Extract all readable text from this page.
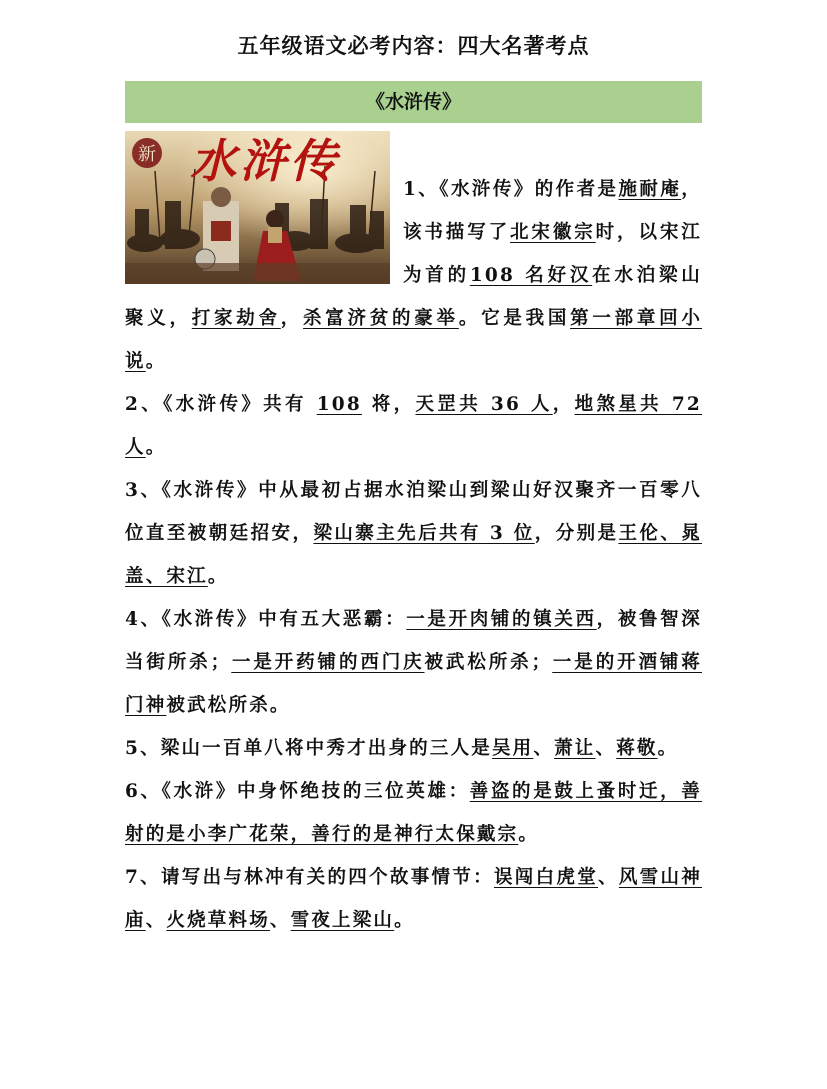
五年级语文必考内容：四大名著考点
《水浒传》
新 水浒传

1、《水浒传》的作者是施耐庵，该书描写了北宋徽宗时，以宋江为首的108 名好汉在水泊梁山聚义，打家劫舍，杀富济贫的豪举。它是我国第一部章回小说。

2、《水浒传》共有 108 将，天罡共 36 人，地煞星共 72 人。

3、《水浒传》中从最初占据水泊梁山到梁山好汉聚齐一百零八位直至被朝廷招安，梁山寨主先后共有 3 位，分别是王伦、晁盖、宋江。

4、《水浒传》中有五大恶霸：一是开肉铺的镇关西，被鲁智深当街所杀；一是开药铺的西门庆被武松所杀；一是的开酒铺蒋门神被武松所杀。

5、梁山一百单八将中秀才出身的三人是吴用、萧让、蒋敬。

6、《水浒》中身怀绝技的三位英雄：善盗的是鼓上蚤时迁，善射的是小李广花荣，善行的是神行太保戴宗。

7、请写出与林冲有关的四个故事情节：误闯白虎堂、风雪山神庙、火烧草料场、雪夜上梁山。
